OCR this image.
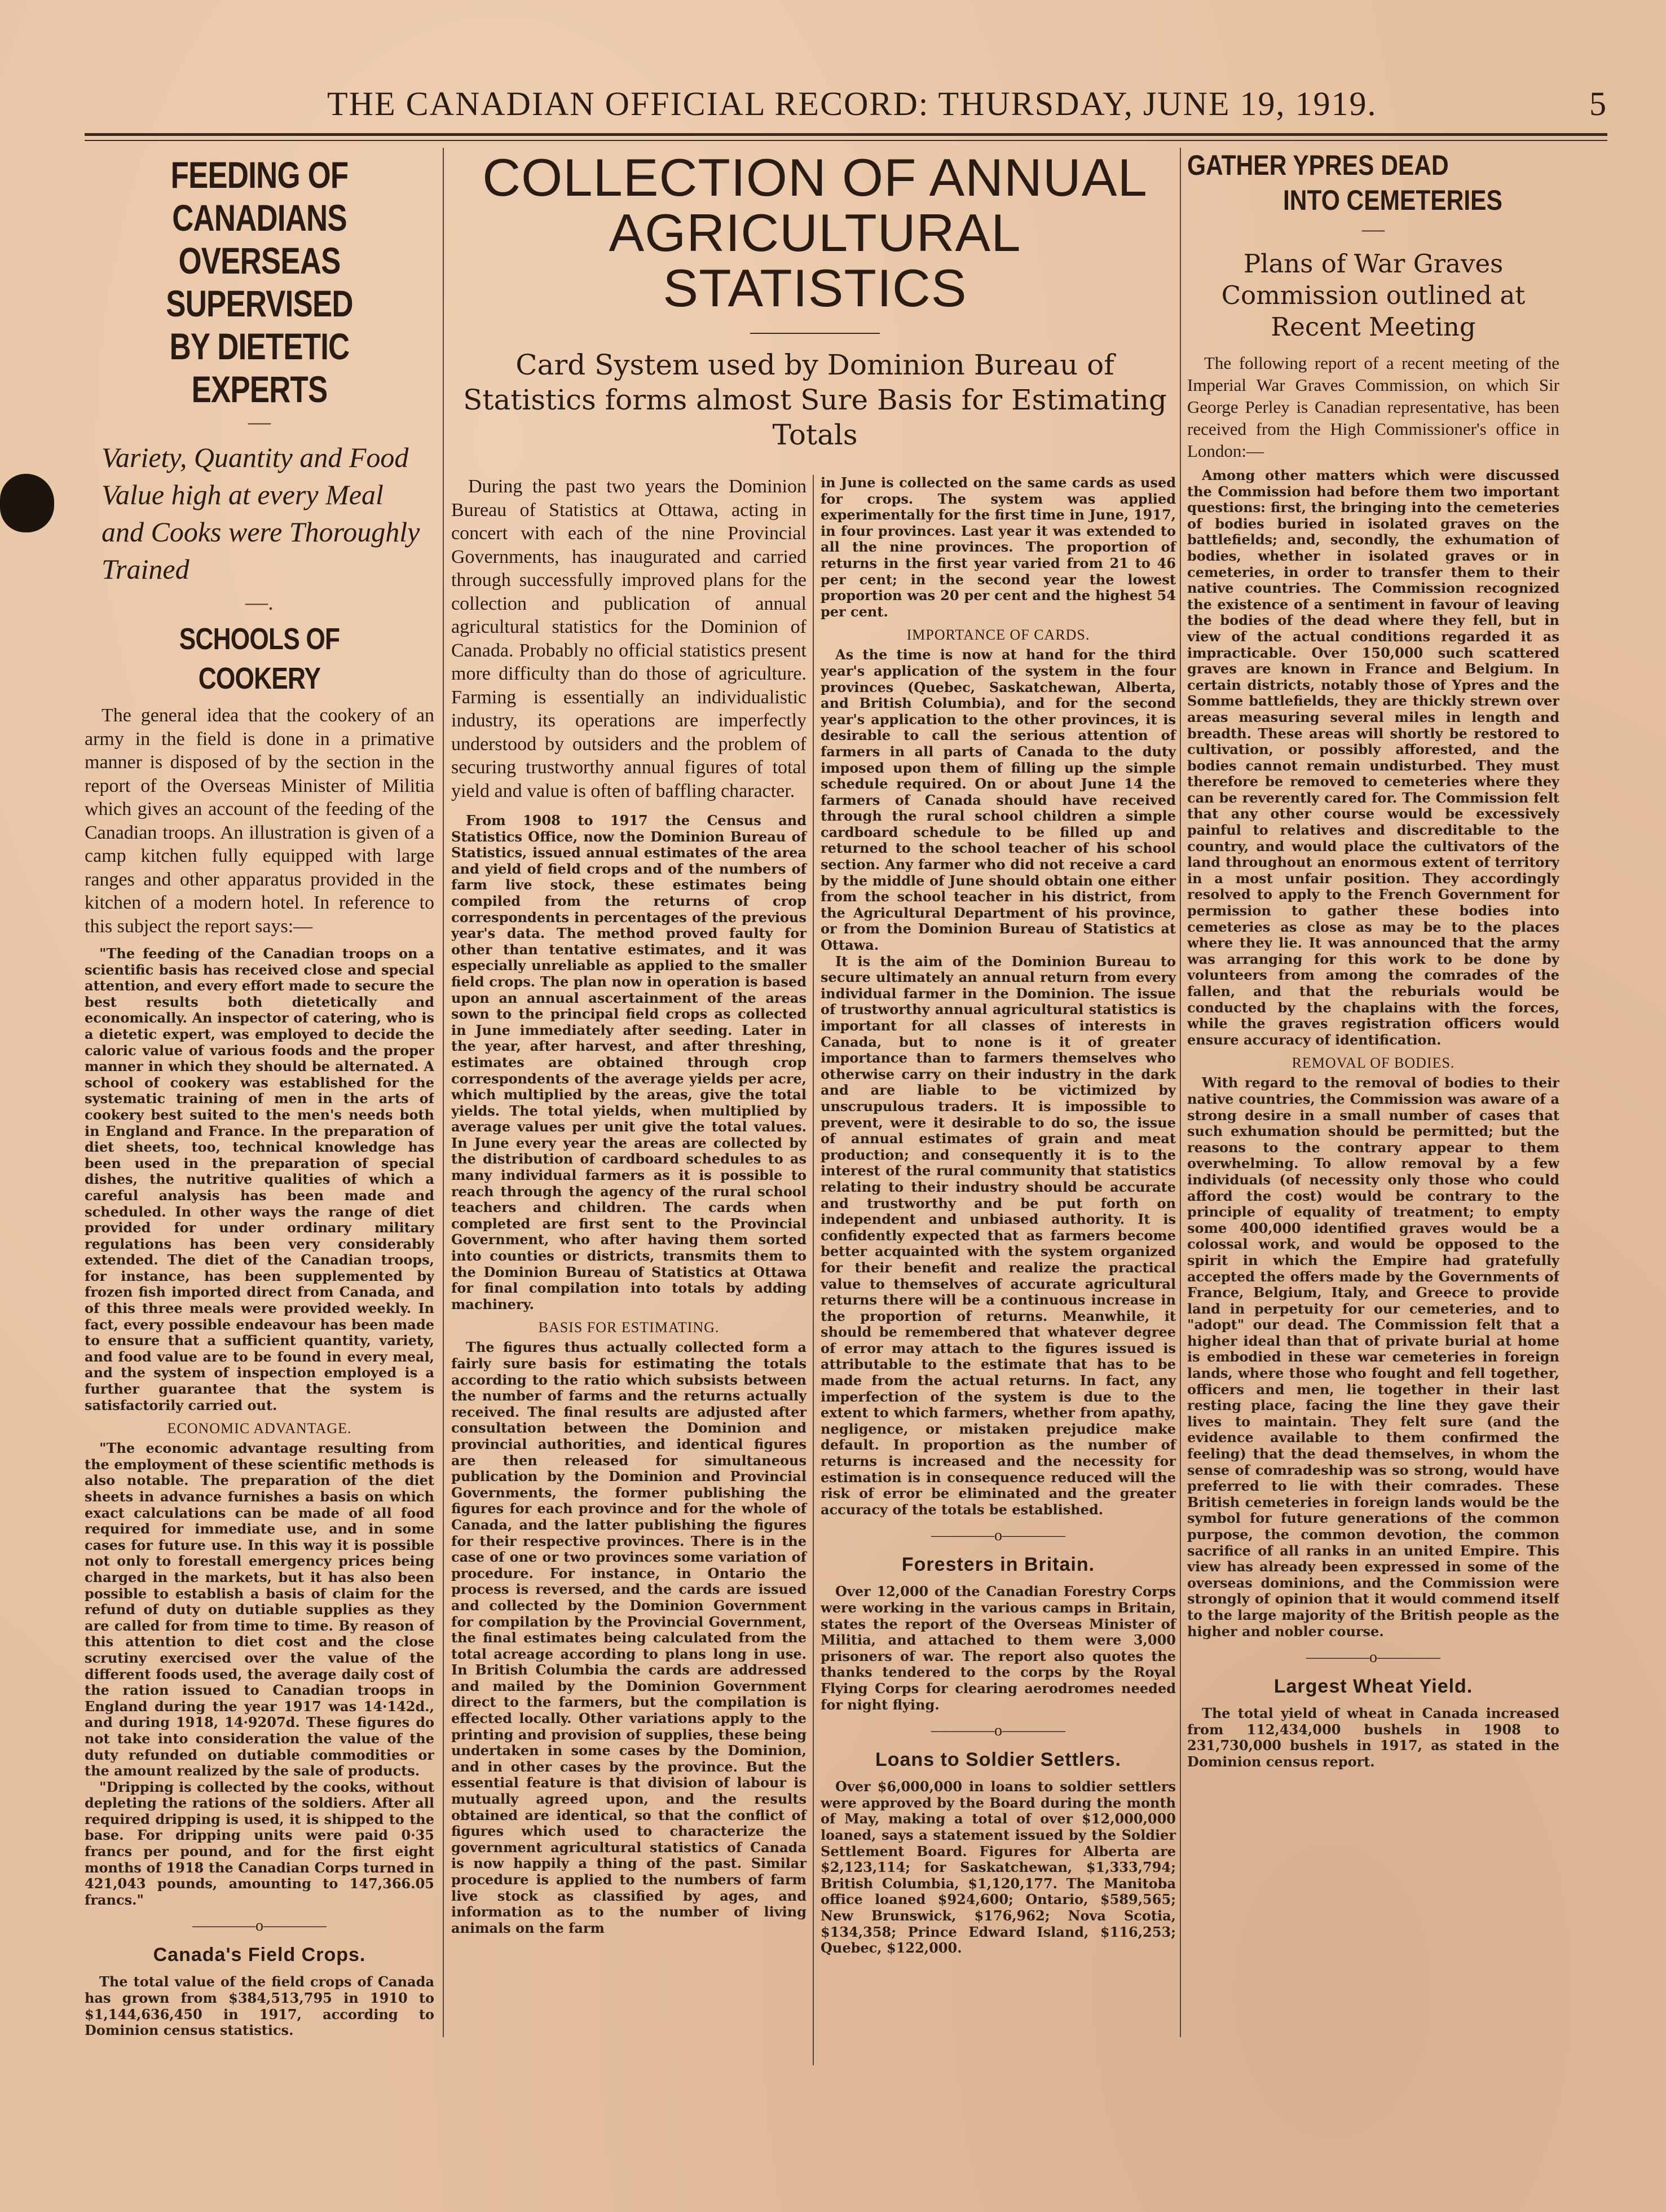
THE CANADIAN OFFICIAL RECORD: THURSDAY, JUNE 19, 1919.	5
FEEDING OF CANADIANS
OVERSEAS SUPERVISED
BY DIETETIC EXPERTS
—
Variety, Quantity and Food Value high at every Meal and Cooks were Thoroughly Trained
—.
SCHOOLS OF COOKERY

The general idea that the cookery of an army in the field is done in a primative manner is disposed of by the section in the report of the Overseas Minister of Militia which gives an account of the feeding of the Canadian troops. An illustration is given of a camp kitchen fully equipped with large ranges and other apparatus provided in the kitchen of a modern hotel. In reference to this subject the report says:—

"The feeding of the Canadian troops on a scientific basis has received close and special attention, and every effort made to secure the best results both dietetically and economically. An inspector of catering, who is a dietetic expert, was employed to decide the caloric value of various foods and the proper manner in which they should be alternated. A school of cookery was established for the systematic training of men in the arts of cookery best suited to the men's needs both in England and France. In the preparation of diet sheets, too, technical knowledge has been used in the preparation of special dishes, the nutritive qualities of which a careful analysis has been made and scheduled. In other ways the range of diet provided for under ordinary military regulations has been very considerably extended. The diet of the Canadian troops, for instance, has been supplemented by frozen fish imported direct from Canada, and of this three meals were provided weekly. In fact, every possible endeavour has been made to ensure that a sufficient quantity, variety, and food value are to be found in every meal, and the system of inspection employed is a further guarantee that the system is satisfactorily carried out.

ECONOMIC ADVANTAGE.

"The economic advantage resulting from the employment of these scientific methods is also notable. The preparation of the diet sheets in advance furnishes a basis on which exact calculations can be made of all food required for immediate use, and in some cases for future use. In this way it is possible not only to forestall emergency prices being charged in the markets, but it has also been possible to establish a basis of claim for the refund of duty on dutiable supplies as they are called for from time to time. By reason of this attention to diet cost and the close scrutiny exercised over the value of the different foods used, the average daily cost of the ration issued to Canadian troops in England during the year 1917 was 14·142d., and during 1918, 14·9207d. These figures do not take into consideration the value of the duty refunded on dutiable commodities or the amount realized by the sale of products.

"Dripping is collected by the cooks, without depleting the rations of the soldiers. After all required dripping is used, it is shipped to the base. For dripping units were paid 0·35 francs per pound, and for the first eight months of 1918 the Canadian Corps turned in 421,043 pounds, amounting to 147,366.05 francs."

————o————
Canada's Field Crops.

The total value of the field crops of Canada has grown from $384,513,795 in 1910 to $1,144,636,450 in 1917, according to Dominion census statistics.

COLLECTION OF ANNUAL
AGRICULTURAL STATISTICS
Card System used by Dominion Bureau of Statistics forms almost Sure Basis for Estimating Totals

During the past two years the Dominion Bureau of Statistics at Ottawa, acting in concert with each of the nine Provincial Governments, has inaugurated and carried through successfully improved plans for the collection and publication of annual agricultural statistics for the Dominion of Canada. Probably no official statistics present more difficulty than do those of agriculture. Farming is essentially an individualistic industry, its operations are imperfectly understood by outsiders and the problem of securing trustworthy annual figures of total yield and value is often of baffling character.

From 1908 to 1917 the Census and Statistics Office, now the Dominion Bureau of Statistics, issued annual estimates of the area and yield of field crops and of the numbers of farm live stock, these estimates being compiled from the returns of crop correspondents in percentages of the previous year's data. The method proved faulty for other than tentative estimates, and it was especially unreliable as applied to the smaller field crops. The plan now in operation is based upon an annual ascertainment of the areas sown to the principal field crops as collected in June immediately after seeding. Later in the year, after harvest, and after threshing, estimates are obtained through crop correspondents of the average yields per acre, which multiplied by the areas, give the total yields. The total yields, when multiplied by average values per unit give the total values. In June every year the areas are collected by the distribution of cardboard schedules to as many individual farmers as it is possible to reach through the agency of the rural school teachers and children. The cards when completed are first sent to the Provincial Government, who after having them sorted into counties or districts, transmits them to the Dominion Bureau of Statistics at Ottawa for final compilation into totals by adding machinery.

BASIS FOR ESTIMATING.

The figures thus actually collected form a fairly sure basis for estimating the totals according to the ratio which subsists between the number of farms and the returns actually received. The final results are adjusted after consultation between the Dominion and provincial authorities, and identical figures are then released for simultaneous publication by the Dominion and Provincial Governments, the former publishing the figures for each province and for the whole of Canada, and the latter publishing the figures for their respective provinces. There is in the case of one or two provinces some variation of procedure. For instance, in Ontario the process is reversed, and the cards are issued and collected by the Dominion Government for compilation by the Provincial Government, the final estimates being calculated from the total acreage according to plans long in use. In British Columbia the cards are addressed and mailed by the Dominion Government direct to the farmers, but the compilation is effected locally. Other variations apply to the printing and provision of supplies, these being undertaken in some cases by the Dominion, and in other cases by the province. But the essential feature is that division of labour is mutually agreed upon, and the results obtained are identical, so that the conflict of figures which used to characterize the government agricultural statistics of Canada is now happily a thing of the past. Similar procedure is applied to the numbers of farm live stock as classified by ages, and information as to the number of living animals on the farm

in June is collected on the same cards as used for crops. The system was applied experimentally for the first time in June, 1917, in four provinces. Last year it was extended to all the nine provinces. The proportion of returns in the first year varied from 21 to 46 per cent; in the second year the lowest proportion was 20 per cent and the highest 54 per cent.

IMPORTANCE OF CARDS.

As the time is now at hand for the third year's application of the system in the four provinces (Quebec, Saskatchewan, Alberta, and British Columbia), and for the second year's application to the other provinces, it is desirable to call the serious attention of farmers in all parts of Canada to the duty imposed upon them of filling up the simple schedule required. On or about June 14 the farmers of Canada should have received through the rural school children a simple cardboard schedule to be filled up and returned to the school teacher of his school section. Any farmer who did not receive a card by the middle of June should obtain one either from the school teacher in his district, from the Agricultural Department of his province, or from the Dominion Bureau of Statistics at Ottawa.

It is the aim of the Dominion Bureau to secure ultimately an annual return from every individual farmer in the Dominion. The issue of trustworthy annual agricultural statistics is important for all classes of interests in Canada, but to none is it of greater importance than to farmers themselves who otherwise carry on their industry in the dark and are liable to be victimized by unscrupulous traders. It is impossible to prevent, were it desirable to do so, the issue of annual estimates of grain and meat production; and consequently it is to the interest of the rural community that statistics relating to their industry should be accurate and trustworthy and be put forth on independent and unbiased authority. It is confidently expected that as farmers become better acquainted with the system organized for their benefit and realize the practical value to themselves of accurate agricultural returns there will be a continuous increase in the proportion of returns. Meanwhile, it should be remembered that whatever degree of error may attach to the figures issued is attributable to the estimate that has to be made from the actual returns. In fact, any imperfection of the system is due to the extent to which farmers, whether from apathy, negligence, or mistaken prejudice make default. In proportion as the number of returns is increased and the necessity for estimation is in consequence reduced will the risk of error be eliminated and the greater accuracy of the totals be established.

————o————
Foresters in Britain.

Over 12,000 of the Canadian Forestry Corps were working in the various camps in Britain, states the report of the Overseas Minister of Militia, and attached to them were 3,000 prisoners of war. The report also quotes the thanks tendered to the corps by the Royal Flying Corps for clearing aerodromes needed for night flying.

————o————
Loans to Soldier Settlers.

Over $6,000,000 in loans to soldier settlers were approved by the Board during the month of May, making a total of over $12,000,000 loaned, says a statement issued by the Soldier Settlement Board. Figures for Alberta are $2,123,114; for Saskatchewan, $1,333,794; British Columbia, $1,120,177. The Manitoba office loaned $924,600; Ontario, $589,565; New Brunswick, $176,962; Nova Scotia, $134,358; Prince Edward Island, $116,253; Quebec, $122,000.

GATHER YPRES DEAD
INTO CEMETERIES
—
Plans of War Graves Commission outlined at Recent Meeting

The following report of a recent meeting of the Imperial War Graves Commission, on which Sir George Perley is Canadian representative, has been received from the High Commissioner's office in London:—

Among other matters which were discussed the Commission had before them two important questions: first, the bringing into the cemeteries of bodies buried in isolated graves on the battlefields; and, secondly, the exhumation of bodies, whether in isolated graves or in cemeteries, in order to transfer them to their native countries. The Commission recognized the existence of a sentiment in favour of leaving the bodies of the dead where they fell, but in view of the actual conditions regarded it as impracticable. Over 150,000 such scattered graves are known in France and Belgium. In certain districts, notably those of Ypres and the Somme battlefields, they are thickly strewn over areas measuring several miles in length and breadth. These areas will shortly be restored to cultivation, or possibly afforested, and the bodies cannot remain undisturbed. They must therefore be removed to cemeteries where they can be reverently cared for. The Commission felt that any other course would be excessively painful to relatives and discreditable to the country, and would place the cultivators of the land throughout an enormous extent of territory in a most unfair position. They accordingly resolved to apply to the French Government for permission to gather these bodies into cemeteries as close as may be to the places where they lie. It was announced that the army was arranging for this work to be done by volunteers from among the comrades of the fallen, and that the reburials would be conducted by the chaplains with the forces, while the graves registration officers would ensure accuracy of identification.

REMOVAL OF BODIES.

With regard to the removal of bodies to their native countries, the Commission was aware of a strong desire in a small number of cases that such exhumation should be permitted; but the reasons to the contrary appear to them overwhelming. To allow removal by a few individuals (of necessity only those who could afford the cost) would be contrary to the principle of equality of treatment; to empty some 400,000 identified graves would be a colossal work, and would be opposed to the spirit in which the Empire had gratefully accepted the offers made by the Governments of France, Belgium, Italy, and Greece to provide land in perpetuity for our cemeteries, and to "adopt" our dead. The Commission felt that a higher ideal than that of private burial at home is embodied in these war cemeteries in foreign lands, where those who fought and fell together, officers and men, lie together in their last resting place, facing the line they gave their lives to maintain. They felt sure (and the evidence available to them confirmed the feeling) that the dead themselves, in whom the sense of comradeship was so strong, would have preferred to lie with their comrades. These British cemeteries in foreign lands would be the symbol for future generations of the common purpose, the common devotion, the common sacrifice of all ranks in an united Empire. This view has already been expressed in some of the overseas dominions, and the Commission were strongly of opinion that it would commend itself to the large majority of the British people as the higher and nobler course.

————o————
Largest Wheat Yield.

The total yield of wheat in Canada increased from 112,434,000 bushels in 1908 to 231,730,000 bushels in 1917, as stated in the Dominion census report.
